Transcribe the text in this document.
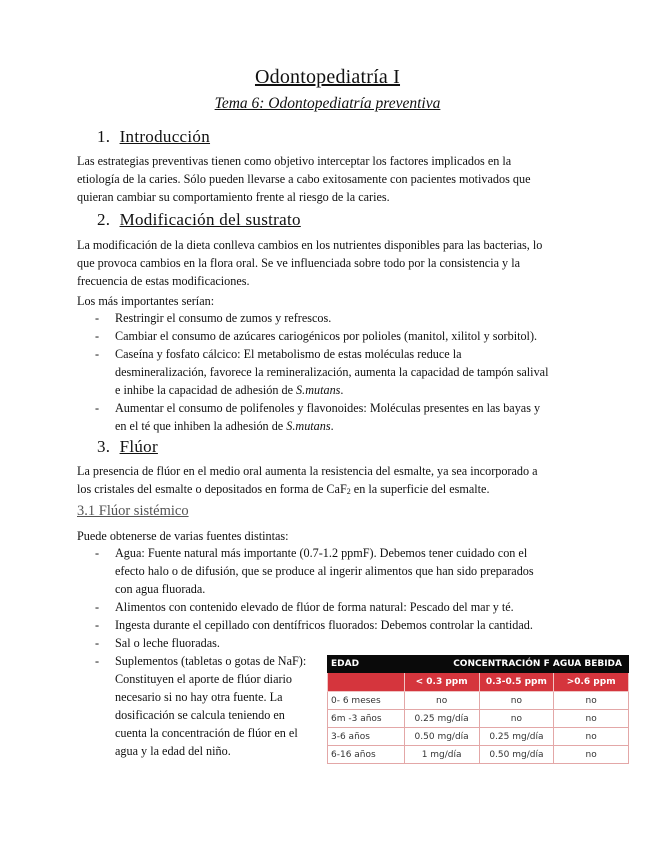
Odontopediatría I
Tema 6: Odontopediatría preventiva
1. Introducción
Las estrategias preventivas tienen como objetivo interceptar los factores implicados en la
etiología de la caries. Sólo pueden llevarse a cabo exitosamente con pacientes motivados que
quieran cambiar su comportamiento frente al riesgo de la caries.
2. Modificación del sustrato
La modificación de la dieta conlleva cambios en los nutrientes disponibles para las bacterias, lo
que provoca cambios en la flora oral. Se ve influenciada sobre todo por la consistencia y la
frecuencia de estas modificaciones.
Los más importantes serían:
- Restringir el consumo de zumos y refrescos.
- Cambiar el consumo de azúcares cariogénicos por polioles (manitol, xilitol y sorbitol).
- Caseína y fosfato cálcico: El metabolismo de estas moléculas reduce la
desmineralización, favorece la remineralización, aumenta la capacidad de tampón salival
e inhibe la capacidad de adhesión de S.mutans.
- Aumentar el consumo de polifenoles y flavonoides: Moléculas presentes en las bayas y
en el té que inhiben la adhesión de S.mutans.
3. Flúor
La presencia de flúor en el medio oral aumenta la resistencia del esmalte, ya sea incorporado a
los cristales del esmalte o depositados en forma de CaF$_2$ en la superficie del esmalte.
3.1 Flúor sistémico
Puede obtenerse de varias fuentes distintas:
- Agua: Fuente natural más importante (0.7-1.2 ppmF). Debemos tener cuidado con el
efecto halo o de difusión, que se produce al ingerir alimentos que han sido preparados
con agua fluorada.
- Alimentos con contenido elevado de flúor de forma natural: Pescado del mar y té.
- Ingesta durante el cepillado con dentífricos fluorados: Debemos controlar la cantidad.
- Sal o leche fluoradas.
- Suplementos (tabletas o gotas de NaF):
Constituyen el aporte de flúor diario
necesario si no hay otra fuente. La
dosificación se calcula teniendo en
cuenta la concentración de flúor en el
agua y la edad del niño.
EDAD	CONCENTRACIÓN F AGUA BEBIDA		
	< 0.3 ppm	0.3-0.5 ppm	>0.6 ppm
0- 6 meses	no	no	no
6m -3 años	0.25 mg/día	no	no
3-6 años	0.50 mg/día	0.25 mg/día	no
6-16 años	1 mg/día	0.50 mg/día	no
